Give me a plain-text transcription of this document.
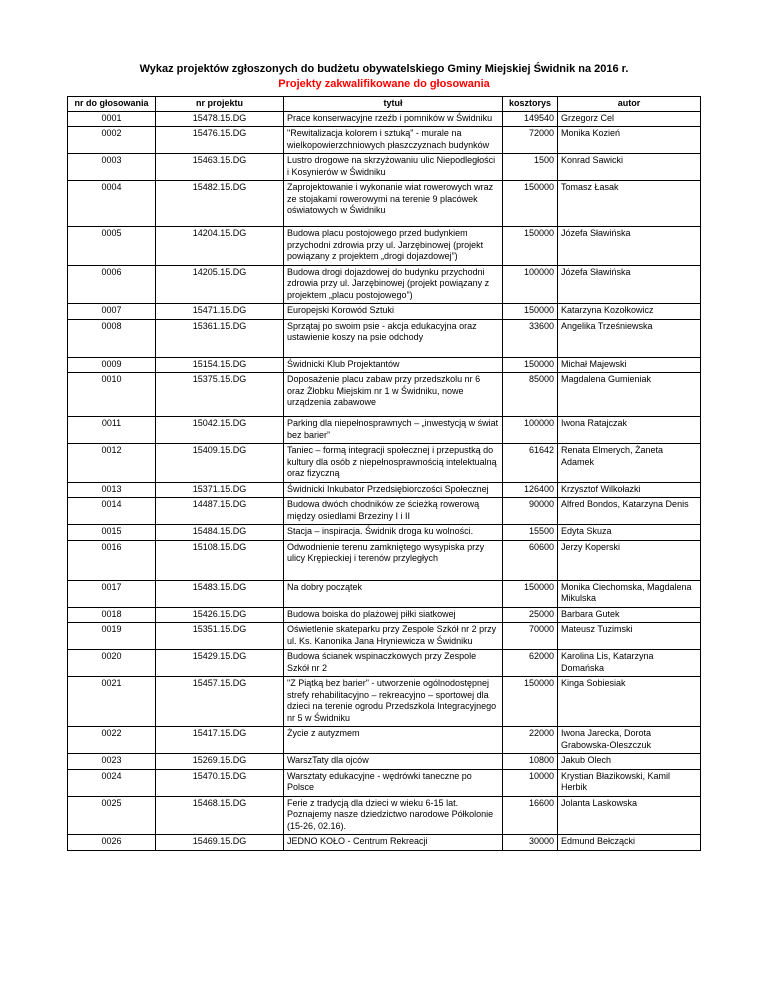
Wykaz projektów zgłoszonych do budżetu obywatelskiego Gminy Miejskiej Świdnik na 2016 r.
Projekty zakwalifikowane do głosowania
nr do głosowania	nr projektu	tytuł	kosztorys	autor
0001	15478.15.DG	Prace konserwacyjne rzeźb i pomników w Świdniku	149540	Grzegorz Cel
0002	15476.15.DG	"Rewitalizacja kolorem i sztuką" - murale na wielkopowierzchniowych płaszczyznach budynków	72000	Monika Kozień
0003	15463.15.DG	Lustro drogowe na skrzyżowaniu ulic Niepodległości i Kosynierów w Świdniku	1500	Konrad Sawicki
0004	15482.15.DG	Zaprojektowanie i wykonanie wiat rowerowych wraz ze stojakami rowerowymi na terenie 9 placówek oświatowych w Świdniku	150000	Tomasz Łasak
0005	14204.15.DG	Budowa placu postojowego przed budynkiem przychodni zdrowia przy ul. Jarzębinowej (projekt powiązany z projektem „drogi dojazdowej”)	150000	Józefa Sławińska
0006	14205.15.DG	Budowa drogi dojazdowej do budynku przychodni zdrowia przy ul. Jarzębinowej (projekt powiązany z projektem „placu postojowego”)	100000	Józefa Sławińska
0007	15471.15.DG	Europejski Korowód Sztuki	150000	Katarzyna Kozołkowicz
0008	15361.15.DG	Sprzątaj po swoim psie - akcja edukacyjna oraz ustawienie koszy na psie odchody	33600	Angelika Trześniewska
0009	15154.15.DG	Świdnicki Klub Projektantów	150000	Michał Majewski
0010	15375.15.DG	Doposażenie placu zabaw przy przedszkolu nr 6 oraz Żłobku Miejskim nr 1 w Świdniku, nowe urządzenia zabawowe	85000	Magdalena Gumieniak
0011	15042.15.DG	Parking dla niepełnosprawnych – „inwestycją w świat bez barier”	100000	Iwona Ratajczak
0012	15409.15.DG	Taniec – formą integracji społecznej i przepustką do kultury dla osób z niepełnosprawnością intelektualną oraz fizyczną	61642	Renata Elmerych, Żaneta Adamek
0013	15371.15.DG	Świdnicki Inkubator Przedsiębiorczości Społecznej	126400	Krzysztof Wilkołazki
0014	14487.15.DG	Budowa dwóch chodników ze ścieżką rowerową między osiedlami Brzeziny I i II	90000	Alfred Bondos, Katarzyna Denis
0015	15484.15.DG	Stacja – inspiracja. Świdnik droga ku wolności.	15500	Edyta Skuza
0016	15108.15.DG	Odwodnienie terenu zamkniętego wysypiska przy ulicy Krępieckiej i terenów przyległych	60600	Jerzy Koperski
0017	15483.15.DG	Na dobry początek	150000	Monika Ciechomska, Magdalena Mikulska
0018	15426.15.DG	Budowa boiska do plażowej piłki siatkowej	25000	Barbara Gutek
0019	15351.15.DG	Oświetlenie skateparku przy Zespole Szkół nr 2 przy ul. Ks. Kanonika Jana Hryniewicza w Świdniku	70000	Mateusz Tuzimski
0020	15429.15.DG	Budowa ścianek wspinaczkowych przy Zespole Szkół nr 2	62000	Karolina Lis, Katarzyna Domańska
0021	15457.15.DG	"Z Piątką bez barier" - utworzenie ogólnodostępnej strefy rehabilitacyjno – rekreacyjno – sportowej dla dzieci na terenie ogrodu Przedszkola Integracyjnego nr 5 w Świdniku	150000	Kinga Sobiesiak
0022	15417.15.DG	Życie z autyzmem	22000	Iwona Jarecka, Dorota Grabowska-Oleszczuk
0023	15269.15.DG	WarszTaty dla ojców	10800	Jakub Olech
0024	15470.15.DG	Warsztaty edukacyjne - wędrówki taneczne po Polsce	10000	Krystian Błazikowski, Kamil Herbik
0025	15468.15.DG	Ferie z tradycją dla dzieci w wieku 6-15 lat. Poznajemy nasze dziedzictwo narodowe Półkolonie (15-26, 02.16).	16600	Jolanta Laskowska
0026	15469.15.DG	JEDNO KOŁO - Centrum Rekreacji	30000	Edmund Bełczącki
